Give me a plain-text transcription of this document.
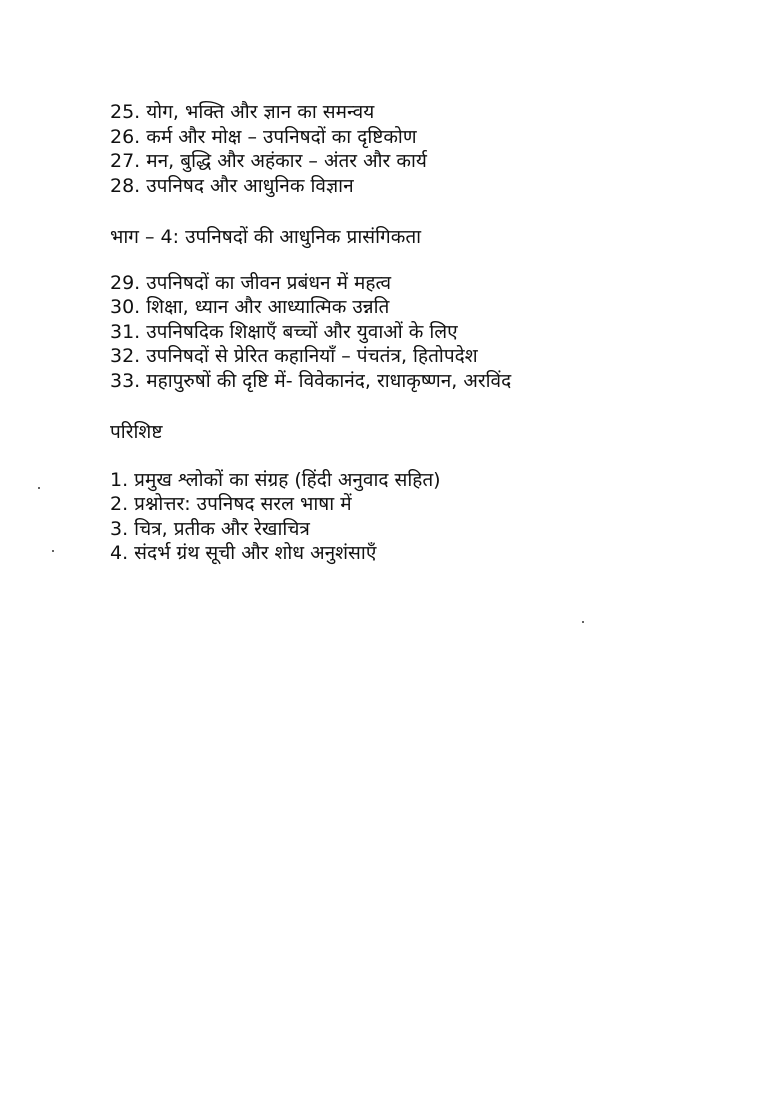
25. योग, भक्ति और ज्ञान का समन्वय
26. कर्म और मोक्ष – उपनिषदों का दृष्टिकोण
27. मन, बुद्धि और अहंकार – अंतर और कार्य
28. उपनिषद और आधुनिक विज्ञान
भाग – 4: उपनिषदों की आधुनिक प्रासंगिकता
29. उपनिषदों का जीवन प्रबंधन में महत्व
30. शिक्षा, ध्यान और आध्यात्मिक उन्नति
31. उपनिषदिक शिक्षाएँ बच्चों और युवाओं के लिए
32. उपनिषदों से प्रेरित कहानियाँ – पंचतंत्र, हितोपदेश
33. महापुरुषों की दृष्टि में- विवेकानंद, राधाकृष्णन, अरविंद
परिशिष्ट
1. प्रमुख श्लोकों का संग्रह (हिंदी अनुवाद सहित)
2. प्रश्नोत्तर: उपनिषद सरल भाषा में
3. चित्र, प्रतीक और रेखाचित्र
4. संदर्भ ग्रंथ सूची और शोध अनुशंसाएँ
